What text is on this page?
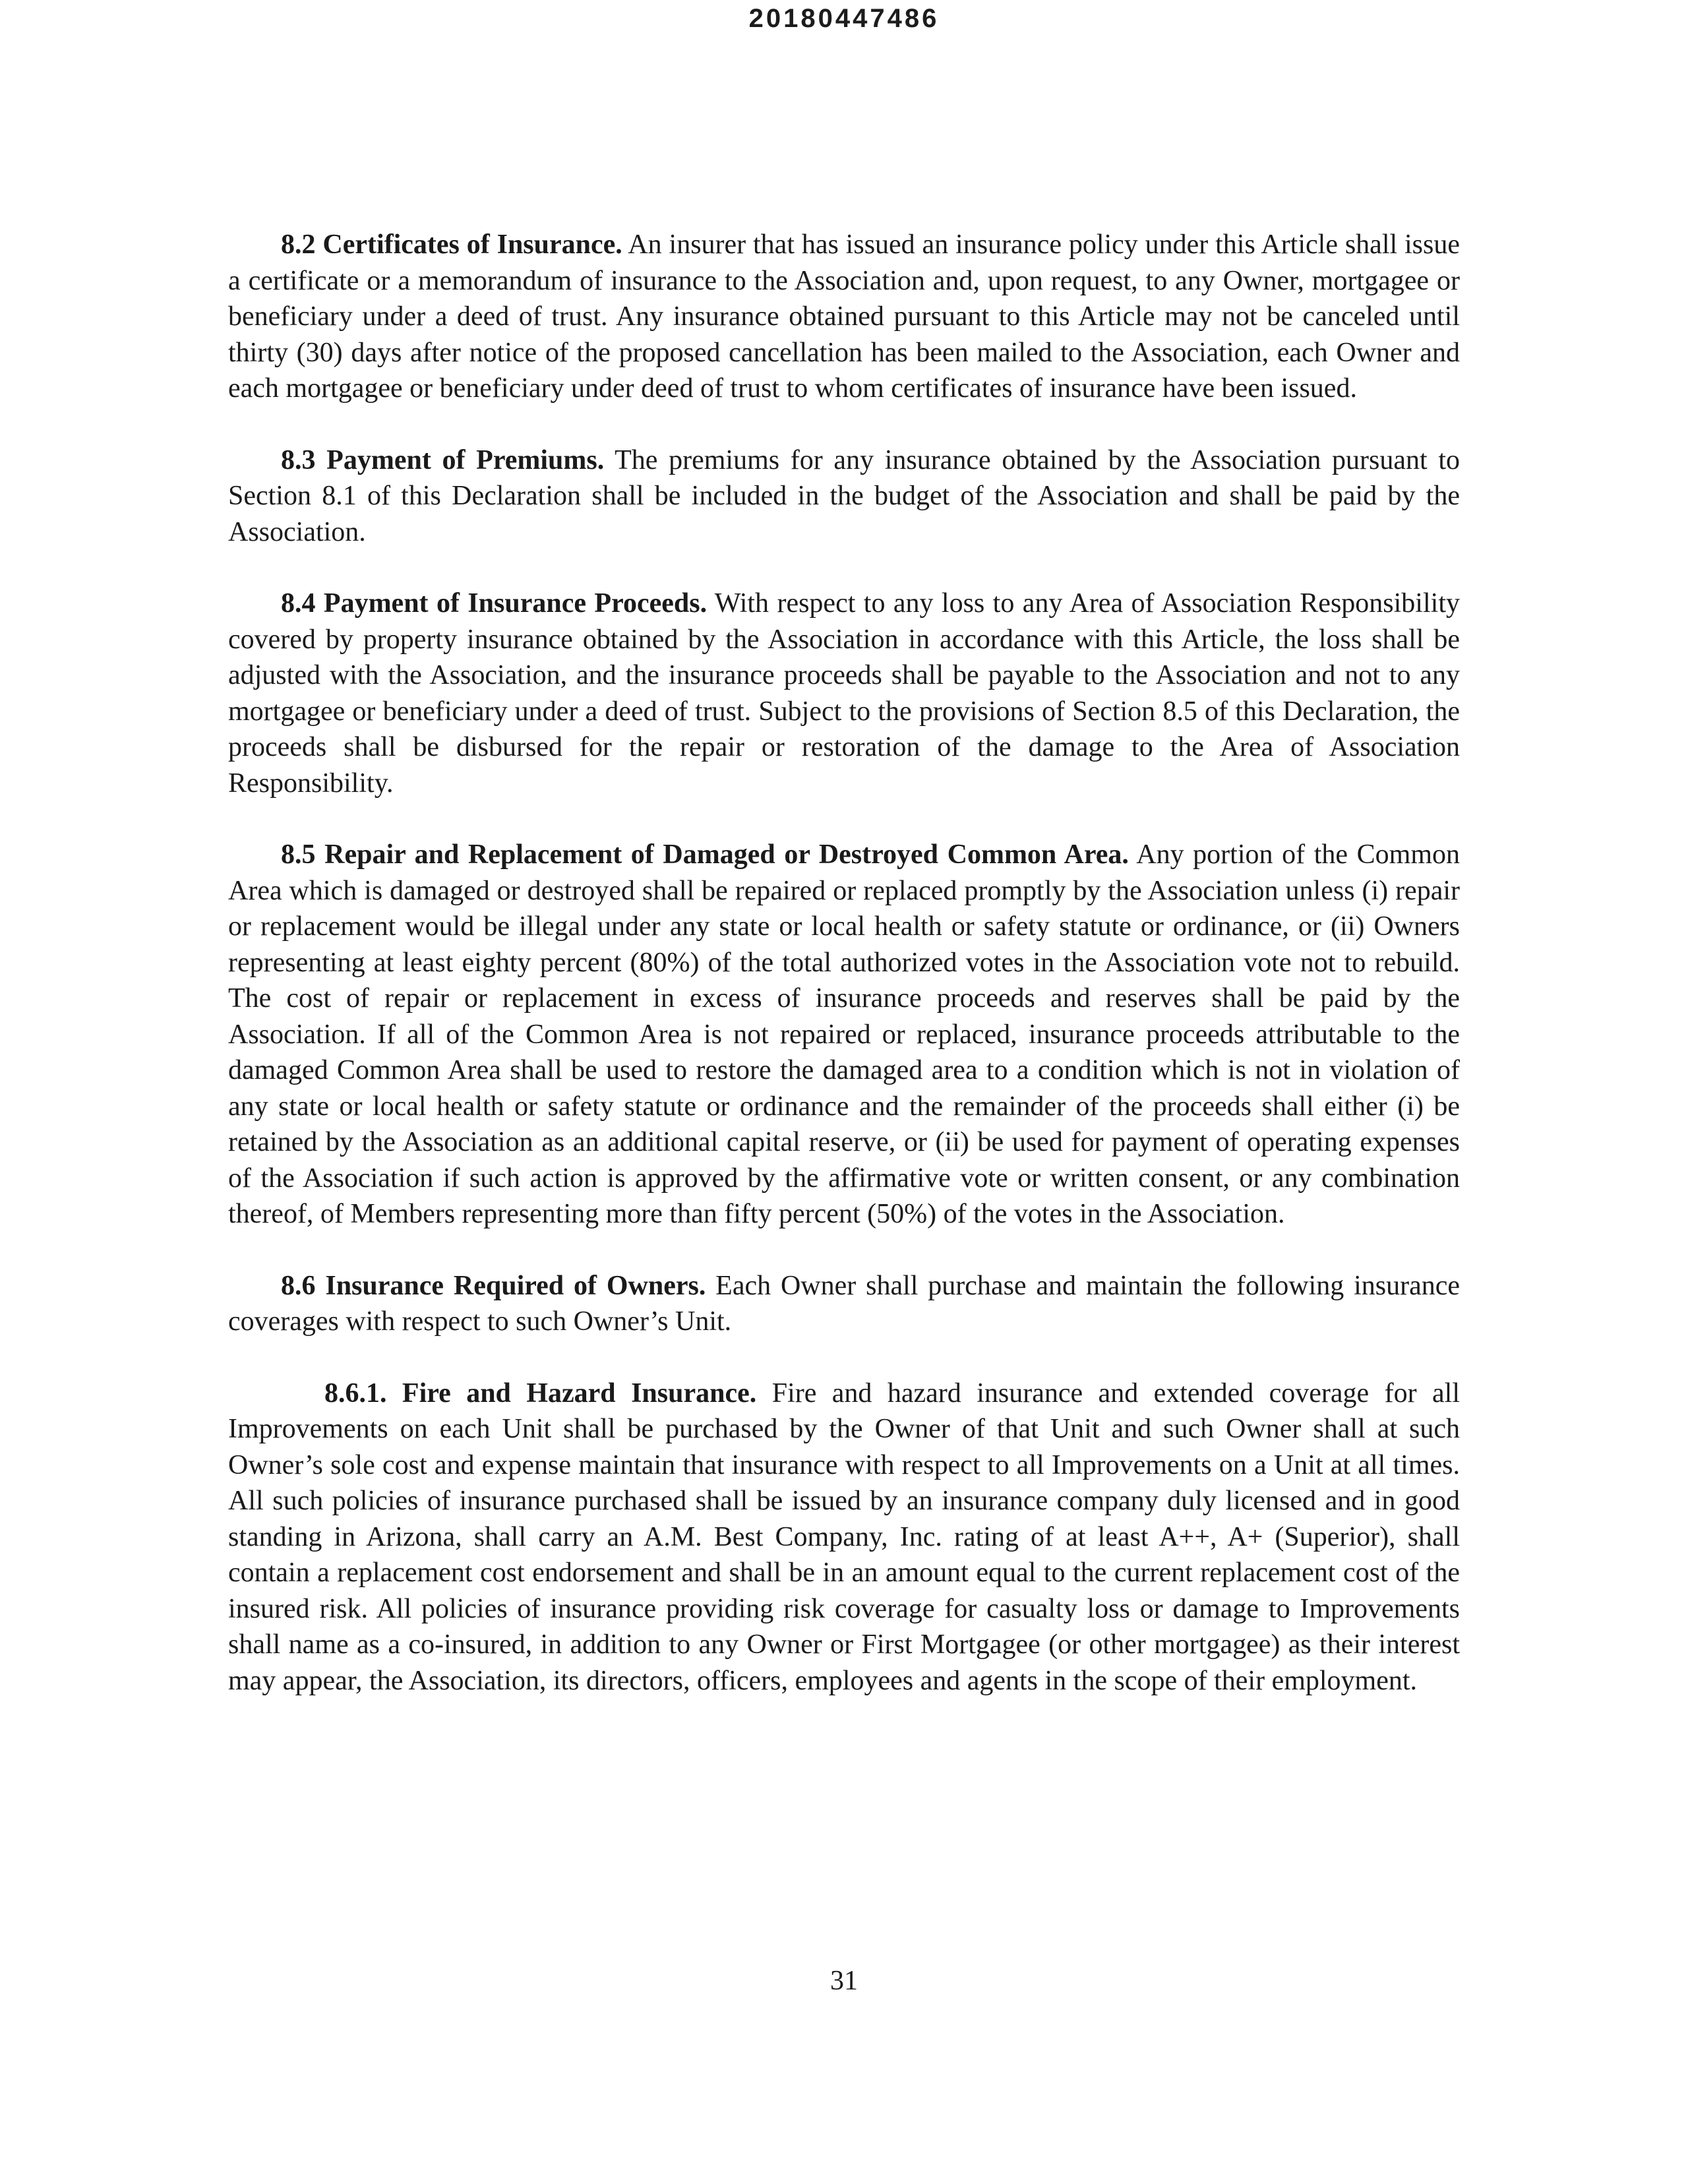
20180447486

8.2 Certificates of Insurance. An insurer that has issued an insurance policy under this Article shall issue a certificate or a memorandum of insurance to the Association and, upon request, to any Owner, mortgagee or beneficiary under a deed of trust. Any insurance obtained pursuant to this Article may not be canceled until thirty (30) days after notice of the proposed cancellation has been mailed to the Association, each Owner and each mortgagee or beneficiary under deed of trust to whom certificates of insurance have been issued.

8.3 Payment of Premiums. The premiums for any insurance obtained by the Association pursuant to Section 8.1 of this Declaration shall be included in the budget of the Association and shall be paid by the Association.

8.4 Payment of Insurance Proceeds. With respect to any loss to any Area of Association Responsibility covered by property insurance obtained by the Association in accordance with this Article, the loss shall be adjusted with the Association, and the insurance proceeds shall be payable to the Association and not to any mortgagee or beneficiary under a deed of trust. Subject to the provisions of Section 8.5 of this Declaration, the proceeds shall be disbursed for the repair or restoration of the damage to the Area of Association Responsibility.

8.5 Repair and Replacement of Damaged or Destroyed Common Area. Any portion of the Common Area which is damaged or destroyed shall be repaired or replaced promptly by the Association unless (i) repair or replacement would be illegal under any state or local health or safety statute or ordinance, or (ii) Owners representing at least eighty percent (80%) of the total authorized votes in the Association vote not to rebuild. The cost of repair or replacement in excess of insurance proceeds and reserves shall be paid by the Association. If all of the Common Area is not repaired or replaced, insurance proceeds attributable to the damaged Common Area shall be used to restore the damaged area to a condition which is not in violation of any state or local health or safety statute or ordinance and the remainder of the proceeds shall either (i) be retained by the Association as an additional capital reserve, or (ii) be used for payment of operating expenses of the Association if such action is approved by the affirmative vote or written consent, or any combination thereof, of Members representing more than fifty percent (50%) of the votes in the Association.

8.6 Insurance Required of Owners. Each Owner shall purchase and maintain the following insurance coverages with respect to such Owner’s Unit.

8.6.1. Fire and Hazard Insurance. Fire and hazard insurance and extended coverage for all Improvements on each Unit shall be purchased by the Owner of that Unit and such Owner shall at such Owner’s sole cost and expense maintain that insurance with respect to all Improvements on a Unit at all times. All such policies of insurance purchased shall be issued by an insurance company duly licensed and in good standing in Arizona, shall carry an A.M. Best Company, Inc. rating of at least A++, A+ (Superior), shall contain a replacement cost endorsement and shall be in an amount equal to the current replacement cost of the insured risk. All policies of insurance providing risk coverage for casualty loss or damage to Improvements shall name as a co-insured, in addition to any Owner or First Mortgagee (or other mortgagee) as their interest may appear, the Association, its directors, officers, employees and agents in the scope of their employment.

31
